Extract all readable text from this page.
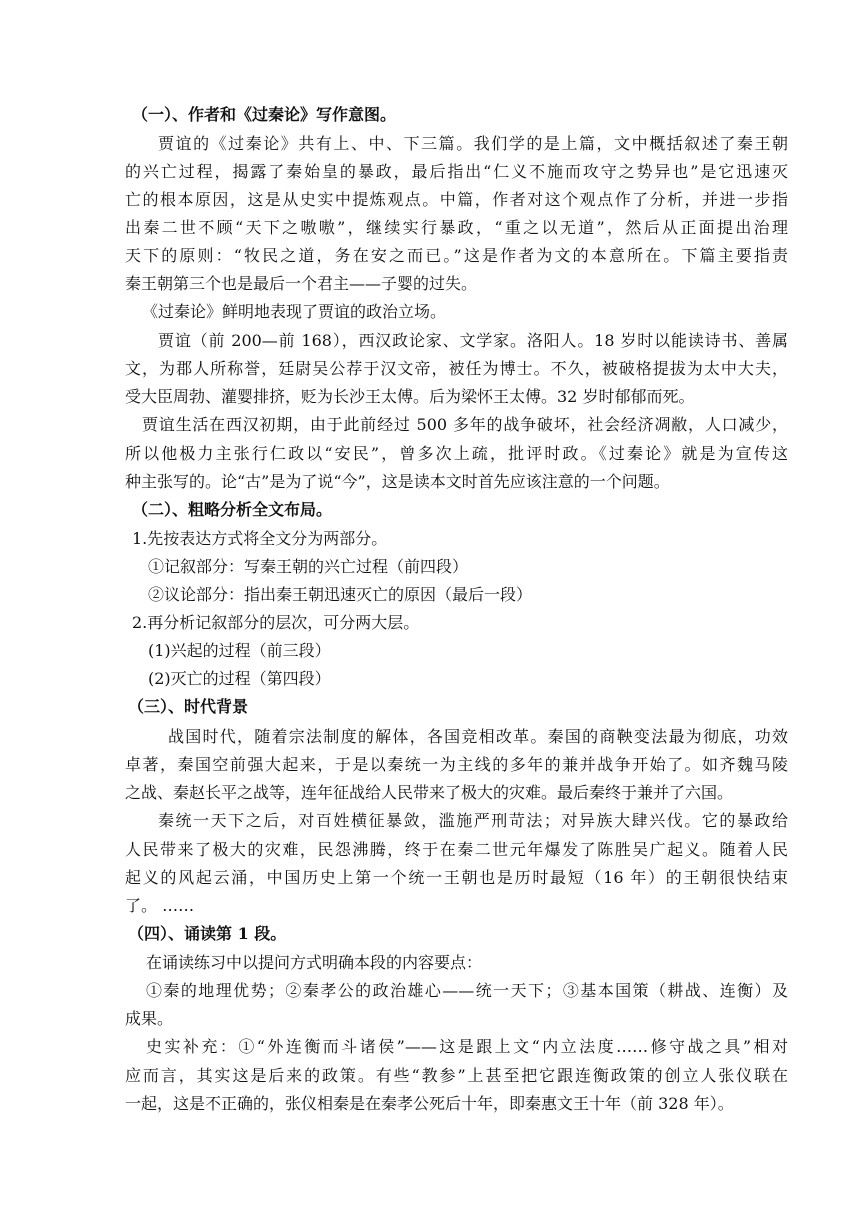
（一）、作者和《过秦论》写作意图。
贾谊的《过秦论》共有上、中、下三篇。我们学的是上篇，文中概括叙述了秦王朝
的兴亡过程，揭露了秦始皇的暴政，最后指出“仁义不施而攻守之势异也”是它迅速灭
亡的根本原因，这是从史实中提炼观点。中篇，作者对这个观点作了分析，并进一步指
出秦二世不顾“天下之嗷嗷”，继续实行暴政，“重之以无道”，然后从正面提出治理
天下的原则：“牧民之道，务在安之而已。”这是作者为文的本意所在。下篇主要指责
秦王朝第三个也是最后一个君主——子婴的过失。
《过秦论》鲜明地表现了贾谊的政治立场。
贾谊（前 200—前 168），西汉政论家、文学家。洛阳人。18 岁时以能读诗书、善属
文，为郡人所称誉，廷尉吴公荐于汉文帝，被任为博士。不久，被破格提拔为太中大夫，
受大臣周勃、灌婴排挤，贬为长沙王太傅。后为梁怀王太傅。32 岁时郁郁而死。
贾谊生活在西汉初期，由于此前经过 500 多年的战争破坏，社会经济凋敝，人口减少，
所以他极力主张行仁政以“安民”，曾多次上疏，批评时政。《过秦论》就是为宣传这
种主张写的。论“古”是为了说“今”，这是读本文时首先应该注意的一个问题。
（二）、粗略分析全文布局。
1.先按表达方式将全文分为两部分。
①记叙部分：写秦王朝的兴亡过程（前四段）
②议论部分：指出秦王朝迅速灭亡的原因（最后一段）
2.再分析记叙部分的层次，可分两大层。
(1)兴起的过程（前三段）
(2)灭亡的过程（第四段）
（三）、时代背景
战国时代，随着宗法制度的解体，各国竞相改革。秦国的商鞅变法最为彻底，功效
卓著，秦国空前强大起来，于是以秦统一为主线的多年的兼并战争开始了。如齐魏马陵
之战、秦赵长平之战等，连年征战给人民带来了极大的灾难。最后秦终于兼并了六国。
秦统一天下之后，对百姓横征暴敛，滥施严刑苛法；对异族大肆兴伐。它的暴政给
人民带来了极大的灾难，民怨沸腾，终于在秦二世元年爆发了陈胜吴广起义。随着人民
起义的风起云涌，中国历史上第一个统一王朝也是历时最短（16 年）的王朝很快结束
了。 ……
（四）、诵读第 1 段。
在诵读练习中以提问方式明确本段的内容要点：
①秦的地理优势；②秦孝公的政治雄心——统一天下；③基本国策（耕战、连衡）及
成果。
史实补充：①“外连衡而斗诸侯”——这是跟上文“内立法度……修守战之具”相对
应而言，其实这是后来的政策。有些“教参”上甚至把它跟连衡政策的创立人张仪联在
一起，这是不正确的，张仪相秦是在秦孝公死后十年，即秦惠文王十年（前 328 年）。
